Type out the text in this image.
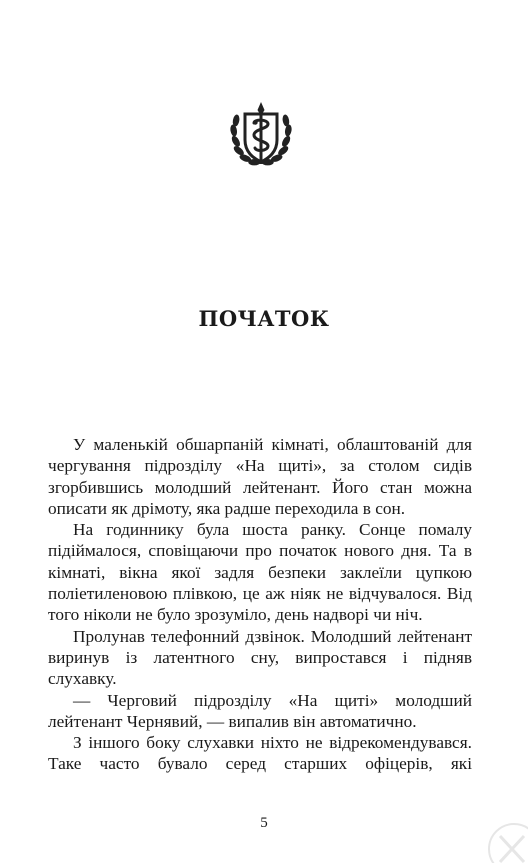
ПОЧАТОК

У маленькій обшарпаній кімнаті, облаштованій для чергування підрозділу «На щиті», за столом сидів згорбившись молодший лейтенант. Його стан можна описати як дрімоту, яка радше переходила в сон.

На годиннику була шоста ранку. Сонце помалу підіймалося, сповіщаючи про початок нового дня. Та в кімнаті, вікна якої задля безпеки заклеїли цупкою поліетиленовою плівкою, це аж ніяк не відчувалося. Від того ніколи не було зрозуміло, день надворі чи ніч.

Пролунав телефонний дзвінок. Молодший лейтенант виринув із латентного сну, випростався і підняв слухавку.

— Черговий підрозділу «На щиті» молодший лейтенант Чернявий, — випалив він автоматично.

З іншого боку слухавки ніхто не відрекомендувався. Таке часто бувало серед старших офіцерів, які

5
